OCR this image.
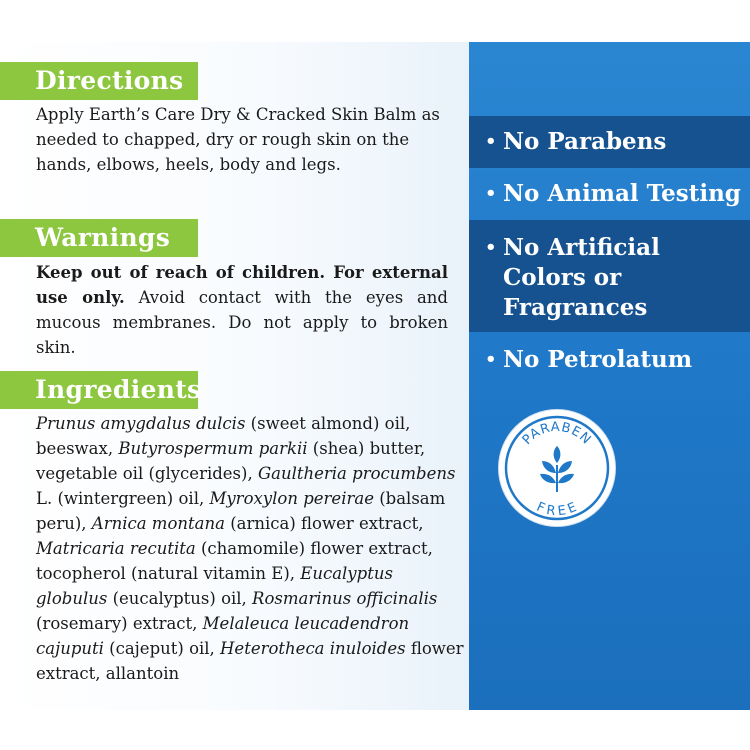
Directions
Apply Earth’s Care Dry & Cracked Skin Balm as needed to chapped, dry or rough skin on the hands, elbows, heels, body and legs.
Warnings
Keep out of reach of children. For external use only. Avoid contact with the eyes and mucous membranes. Do not apply to broken skin.
Ingredients
Prunus amygdalus dulcis (sweet almond) oil, beeswax, Butyrospermum parkii (shea) butter, vegetable oil (glycerides), Gaultheria procumbens L. (wintergreen) oil, Myroxylon pereirae (balsam peru), Arnica montana (arnica) flower extract, Matricaria recutita (chamomile) flower extract, tocopherol (natural vitamin E), Eucalyptus globulus (eucalyptus) oil, Rosmarinus officinalis (rosemary) extract, Melaleuca leucadendron cajuputi (cajeput) oil, Heterotheca inuloides flower extract, allantoin
• No Parabens
• No Animal Testing
• No Artificial Colors or Fragrances
• No Petrolatum
PARABEN
FREE
